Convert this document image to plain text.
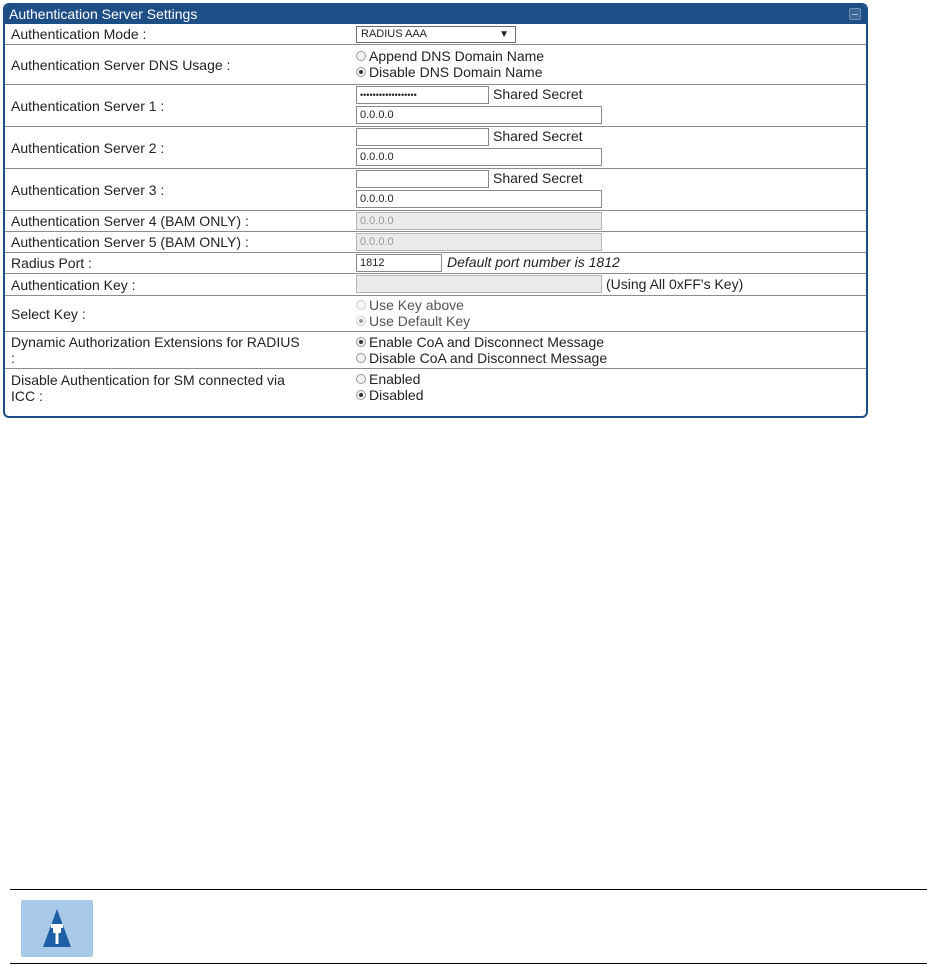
Authentication Server Settings
Authentication Mode :	RADIUS AAA	▼
Authentication Server DNS Usage :
Append DNS Domain Name
Disable DNS Domain Name
Authentication Server 1 :
••••••••••••••••••	Shared Secret
0.0.0.0
Authentication Server 2 :
Shared Secret
0.0.0.0
Authentication Server 3 :
Shared Secret
0.0.0.0
Authentication Server 4 (BAM ONLY) :	0.0.0.0
Authentication Server 5 (BAM ONLY) :	0.0.0.0
Radius Port :	1812	Default port number is 1812
Authentication Key :	(Using All 0xFF's Key)
Select Key :
Use Key above
Use Default Key
Dynamic Authorization Extensions for RADIUS
:
Enable CoA and Disconnect Message
Disable CoA and Disconnect Message
Disable Authentication for SM connected via
ICC :
Enabled
Disabled
